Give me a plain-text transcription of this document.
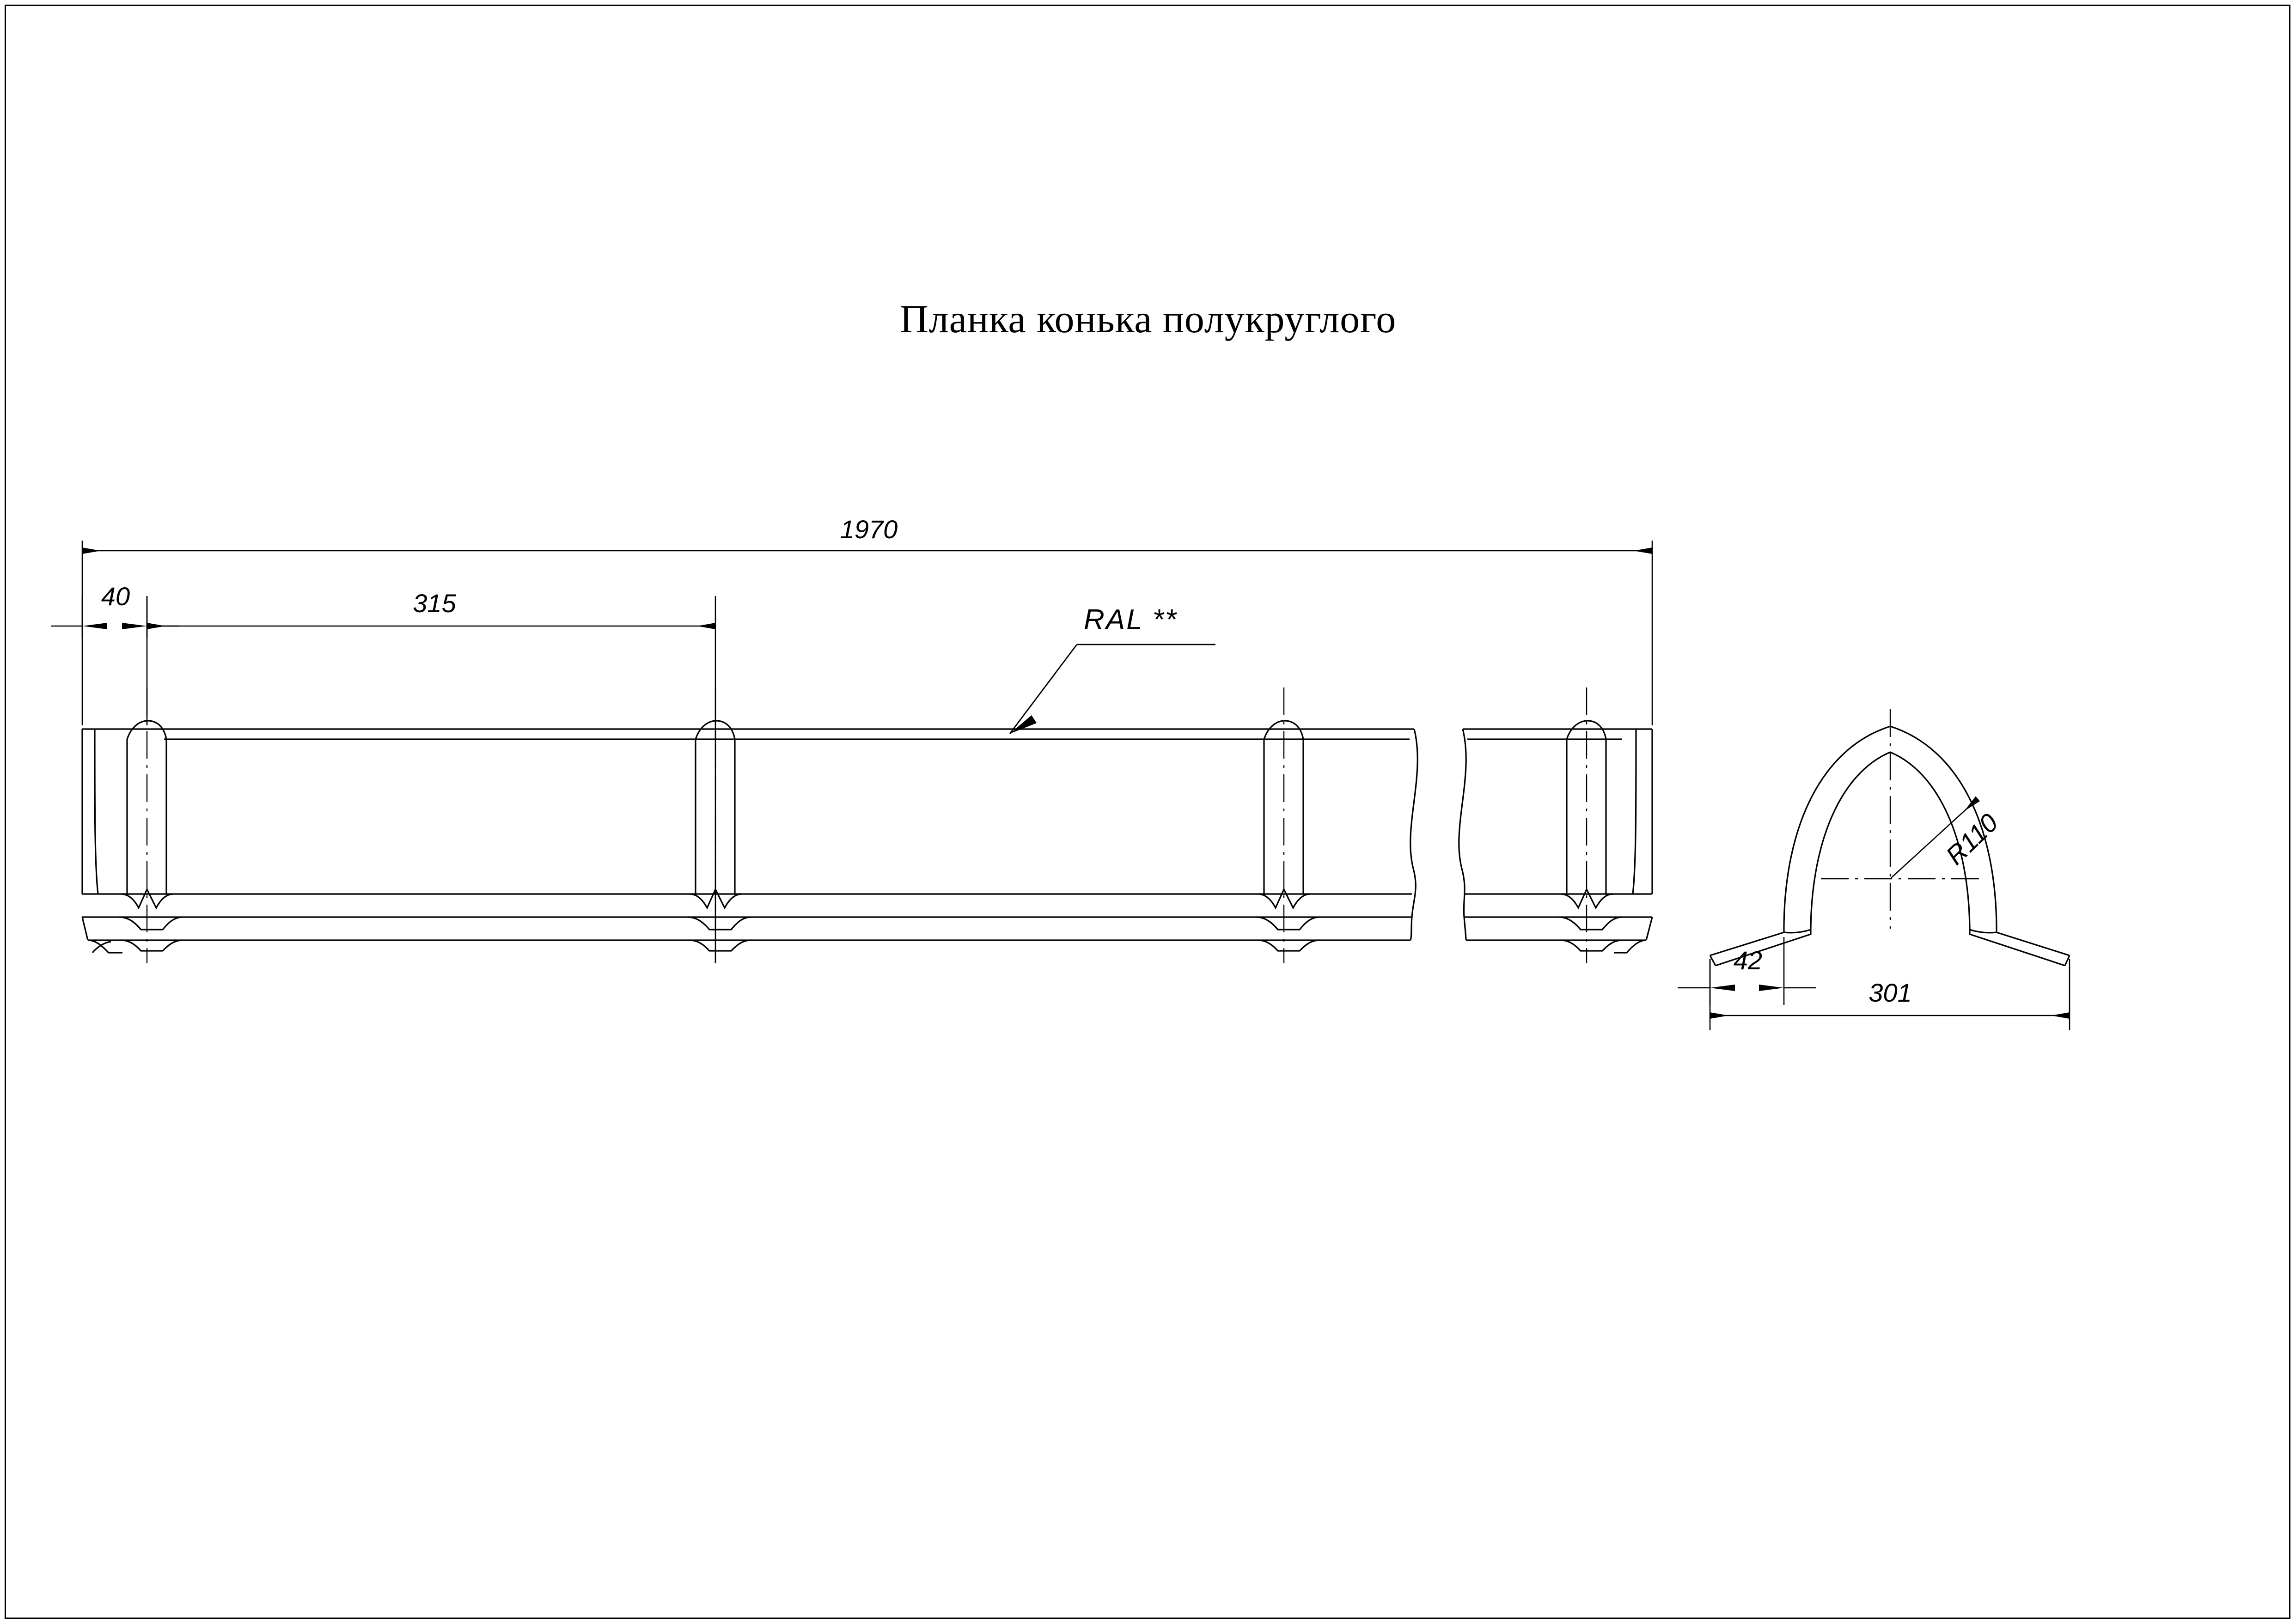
Планка конька полукруглого
1970
40	315
RAL **
R110
42
301
